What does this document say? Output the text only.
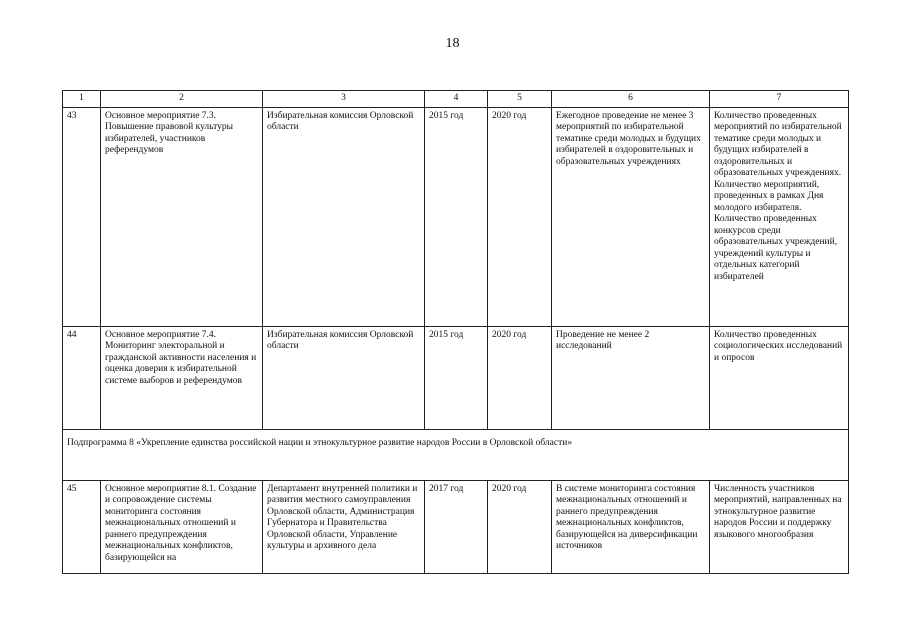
18
1	2	3	4	5	6	7
43	Основное мероприятие 7.3. Повышение правовой культуры избирателей, участников референдумов	Избирательная комиссия Орловской области	2015 год	2020 год	Ежегодное проведение не менее 3 мероприятий по избирательной тематике среди молодых и будущих избирателей в оздоровительных и образовательных учреждениях	Количество проведенных мероприятий по избирательной тематике среди молодых и будущих избирателей в оздоровительных и образовательных учреждениях. Количество мероприятий, проведенных в рамках Дня молодого избирателя. Количество проведенных конкурсов среди образовательных учреждений, учреждений культуры и отдельных категорий избирателей
44	Основное мероприятие 7.4. Мониторинг электоральной и гражданской активности населения и оценка доверия к избирательной системе выборов и референдумов	Избирательная комиссия Орловской области	2015 год	2020 год	Проведение не менее 2 исследований	Количество проведенных социологических исследований и опросов
Подпрограмма 8 «Укрепление единства российской нации и этнокультурное развитие народов России в Орловской области»						
45	Основное мероприятие 8.1. Создание и сопровождение системы мониторинга состояния межнациональных отношений и раннего предупреждения межнациональных конфликтов, базирующейся на	Департамент внутренней политики и развития местного самоуправления Орловской области, Администрация Губернатора и Правительства Орловской области, Управление культуры и архивного дела	2017 год	2020 год	В системе мониторинга состояния межнациональных отношений и раннего предупреждения межнациональных конфликтов, базирующейся на диверсификации источников	Численность участников мероприятий, направленных на этнокультурное развитие народов России и поддержку языкового многообразия
